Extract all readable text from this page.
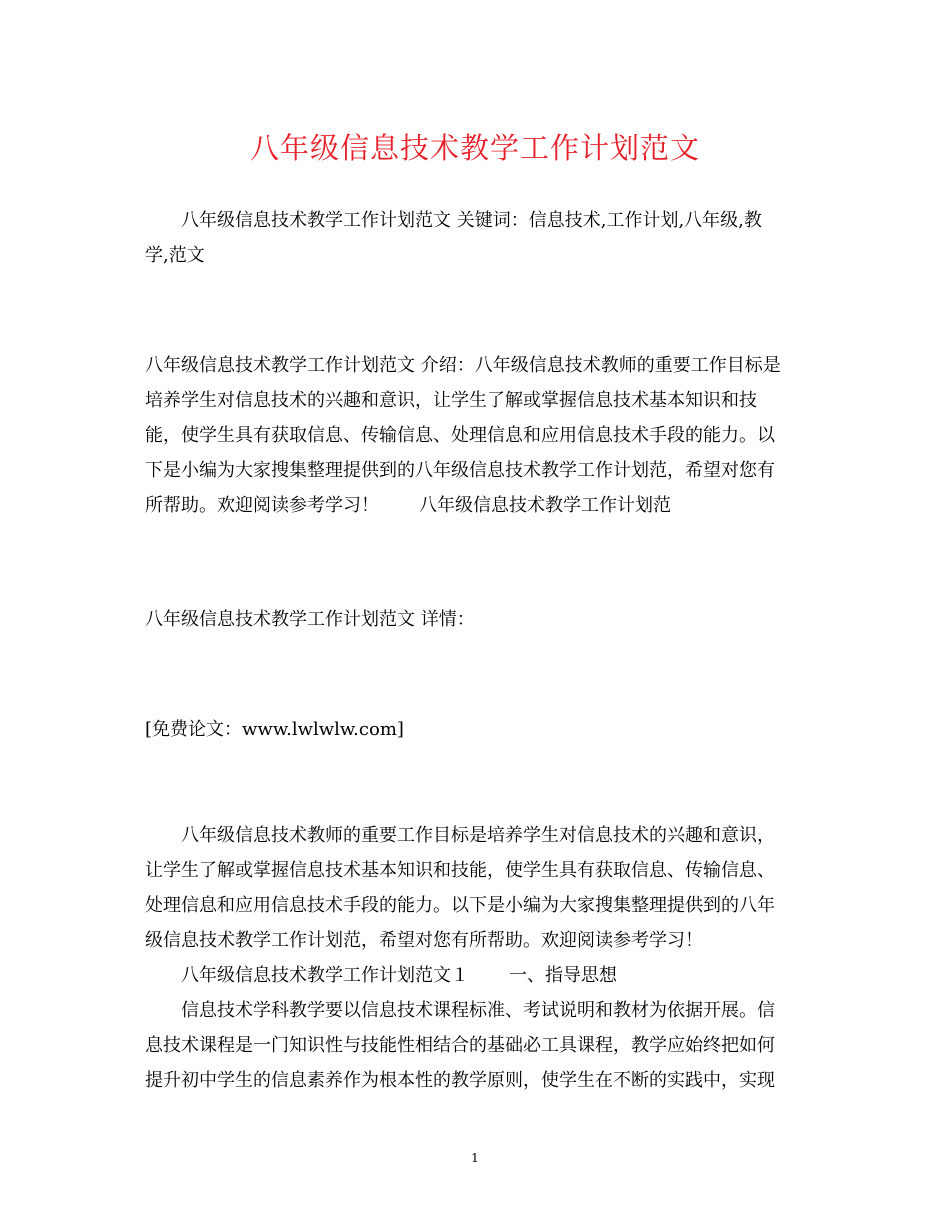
八年级信息技术教学工作计划范文
　　八年级信息技术教学工作计划范文 关键词：信息技术,工作计划,八年级,教
学,范文
八年级信息技术教学工作计划范文 介绍：八年级信息技术教师的重要工作目标是
培养学生对信息技术的兴趣和意识，让学生了解或掌握信息技术基本知识和技
能，使学生具有获取信息、传输信息、处理信息和应用信息技术手段的能力。以
下是小编为大家搜集整理提供到的八年级信息技术教学工作计划范，希望对您有
所帮助。欢迎阅读参考学习！ 八年级信息技术教学工作计划范
八年级信息技术教学工作计划范文 详情：
[免费论文：www.lwlwlw.com]
　　八年级信息技术教师的重要工作目标是培养学生对信息技术的兴趣和意识，
让学生了解或掌握信息技术基本知识和技能，使学生具有获取信息、传输信息、
处理信息和应用信息技术手段的能力。以下是小编为大家搜集整理提供到的八年
级信息技术教学工作计划范，希望对您有所帮助。欢迎阅读参考学习！
　　八年级信息技术教学工作计划范文１ 一、指导思想
　　信息技术学科教学要以信息技术课程标准、考试说明和教材为依据开展。信
息技术课程是一门知识性与技能性相结合的基础必工具课程，教学应始终把如何
提升初中学生的信息素养作为根本性的教学原则，使学生在不断的实践中，实现
1
